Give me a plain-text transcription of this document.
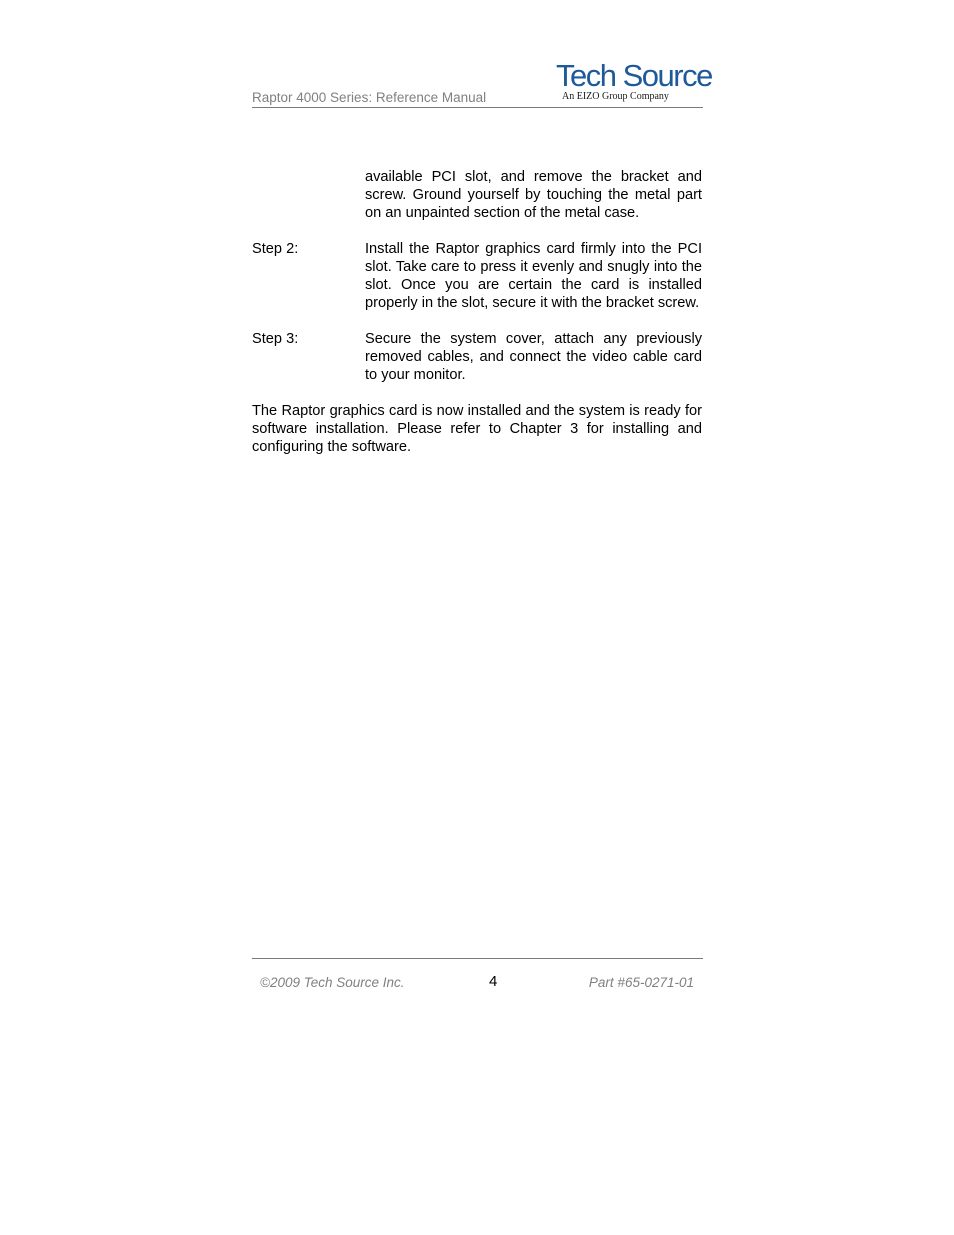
Raptor 4000 Series: Reference Manual
Tech Source
An EIZO Group Company
available PCI slot, and remove the bracket and screw. Ground yourself by touching the metal part on an unpainted section of the metal case.
Step 2:	Install the Raptor graphics card firmly into the PCI slot. Take care to press it evenly and snugly into the slot. Once you are certain the card is installed properly in the slot, secure it with the bracket screw.
Step 3:	Secure the system cover, attach any previously removed cables, and connect the video cable card to your monitor.

The Raptor graphics card is now installed and the system is ready for software installation. Please refer to Chapter 3 for installing and configuring the software.

©2009 Tech Source Inc.	4	Part #65-0271-01
